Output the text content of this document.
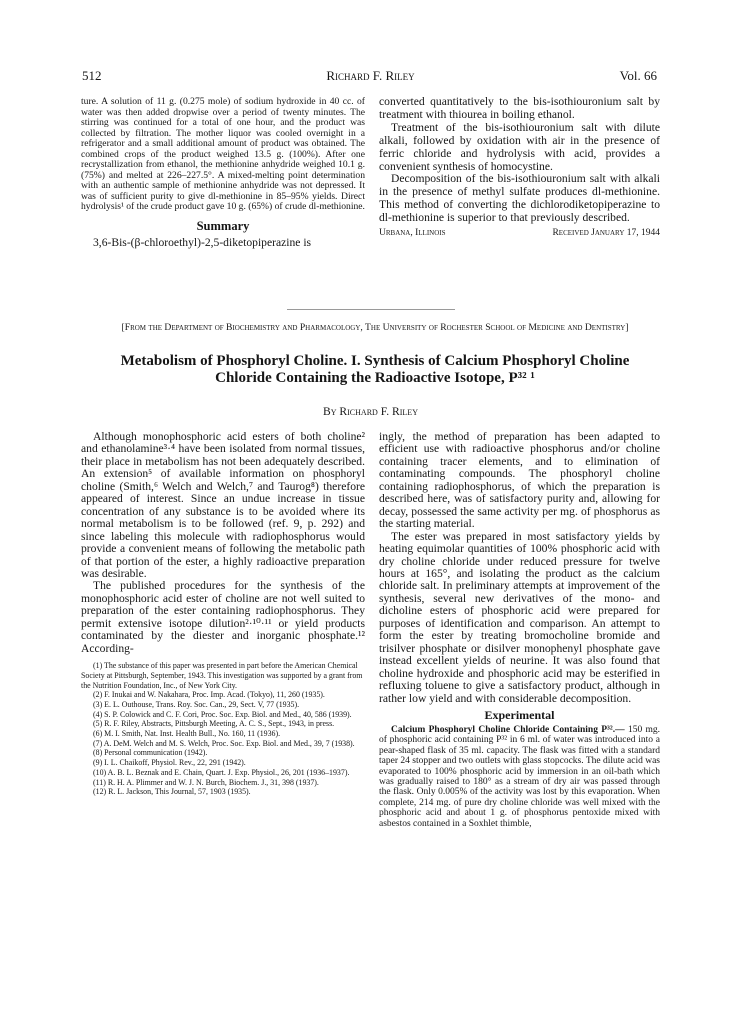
512	Richard F. Riley	Vol. 66

ture. A solution of 11 g. (0.275 mole) of sodium hydroxide in 40 cc. of water was then added dropwise over a period of twenty minutes. The stirring was continued for a total of one hour, and the product was collected by filtration. The mother liquor was cooled overnight in a refrigerator and a small additional amount of product was obtained. The combined crops of the product weighed 13.5 g. (100%). After one recrystallization from ethanol, the methionine anhydride weighed 10.1 g. (75%) and melted at 226–227.5°. A mixed-melting point determination with an authentic sample of methionine anhydride was not depressed. It was of sufficient purity to give dl-methionine in 85–95% yields. Direct hydrolysis¹ of the crude product gave 10 g. (65%) of crude dl-methionine.

Summary

3,6-Bis-(β-chloroethyl)-2,5-diketopiperazine is

converted quantitatively to the bis-isothiouronium salt by treatment with thiourea in boiling ethanol.

Treatment of the bis-isothiouronium salt with dilute alkali, followed by oxidation with air in the presence of ferric chloride and hydrolysis with acid, provides a convenient synthesis of homocystine.

Decomposition of the bis-isothiouronium salt with alkali in the presence of methyl sulfate produces dl-methionine. This method of converting the dichlorodiketopiperazine to dl-methionine is superior to that previously described.

Urbana, Illinois	Received January 17, 1944
[From the Department of Biochemistry and Pharmacology, The University of Rochester School of Medicine and Dentistry]
Metabolism of Phosphoryl Choline. I. Synthesis of Calcium Phosphoryl Choline
Chloride Containing the Radioactive Isotope, P³² ¹
By Richard F. Riley

Although monophosphoric acid esters of both choline² and ethanolamine³·⁴ have been isolated from normal tissues, their place in metabolism has not been adequately described. An extension⁵ of available information on phosphoryl choline (Smith,⁶ Welch and Welch,⁷ and Taurog⁸) therefore appeared of interest. Since an undue increase in tissue concentration of any substance is to be avoided where its normal metabolism is to be followed (ref. 9, p. 292) and since labeling this molecule with radiophosphorus would provide a convenient means of following the metabolic path of that portion of the ester, a highly radioactive preparation was desirable.

The published procedures for the synthesis of the monophosphoric acid ester of choline are not well suited to preparation of the ester containing radiophosphorus. They permit extensive isotope dilution²·¹⁰·¹¹ or yield products contaminated by the diester and inorganic phosphate.¹² According-

(1) The substance of this paper was presented in part before the American Chemical Society at Pittsburgh, September, 1943. This investigation was supported by a grant from the Nutrition Foundation, Inc., of New York City.

(2) F. Inukai and W. Nakahara, Proc. Imp. Acad. (Tokyo), 11, 260 (1935).

(3) E. L. Outhouse, Trans. Roy. Soc. Can., 29, Sect. V, 77 (1935).

(4) S. P. Colowick and C. F. Cori, Proc. Soc. Exp. Biol. and Med., 40, 586 (1939).

(5) R. F. Riley, Abstracts, Pittsburgh Meeting, A. C. S., Sept., 1943, in press.

(6) M. I. Smith, Nat. Inst. Health Bull., No. 160, 11 (1936).

(7) A. DeM. Welch and M. S. Welch, Proc. Soc. Exp. Biol. and Med., 39, 7 (1938).

(8) Personal communication (1942).

(9) I. L. Chaikoff, Physiol. Rev., 22, 291 (1942).

(10) A. B. L. Beznak and E. Chain, Quart. J. Exp. Physiol., 26, 201 (1936–1937).

(11) R. H. A. Plimmer and W. J. N. Burch, Biochem. J., 31, 398 (1937).

(12) R. L. Jackson, This Journal, 57, 1903 (1935).

ingly, the method of preparation has been adapted to efficient use with radioactive phosphorus and/or choline containing tracer elements, and to elimination of contaminating compounds. The phosphoryl choline containing radiophosphorus, of which the preparation is described here, was of satisfactory purity and, allowing for decay, possessed the same activity per mg. of phosphorus as the starting material.

The ester was prepared in most satisfactory yields by heating equimolar quantities of 100% phosphoric acid with dry choline chloride under reduced pressure for twelve hours at 165°, and isolating the product as the calcium chloride salt. In preliminary attempts at improvement of the synthesis, several new derivatives of the mono- and dicholine esters of phosphoric acid were prepared for purposes of identification and comparison. An attempt to form the ester by treating bromocholine bromide and trisilver phosphate or disilver monophenyl phosphate gave instead excellent yields of neurine. It was also found that choline hydroxide and phosphoric acid may be esterified in refluxing toluene to give a satisfactory product, although in rather low yield and with considerable decomposition.

Experimental

Calcium Phosphoryl Choline Chloride Containing P³².— 150 mg. of phosphoric acid containing P³² in 6 ml. of water was introduced into a pear-shaped flask of 35 ml. capacity. The flask was fitted with a standard taper 24 stopper and two outlets with glass stopcocks. The dilute acid was evaporated to 100% phosphoric acid by immersion in an oil-bath which was gradually raised to 180° as a stream of dry air was passed through the flask. Only 0.005% of the activity was lost by this evaporation. When complete, 214 mg. of pure dry choline chloride was well mixed with the phosphoric acid and about 1 g. of phosphorus pentoxide mixed with asbestos contained in a Soxhlet thimble,
